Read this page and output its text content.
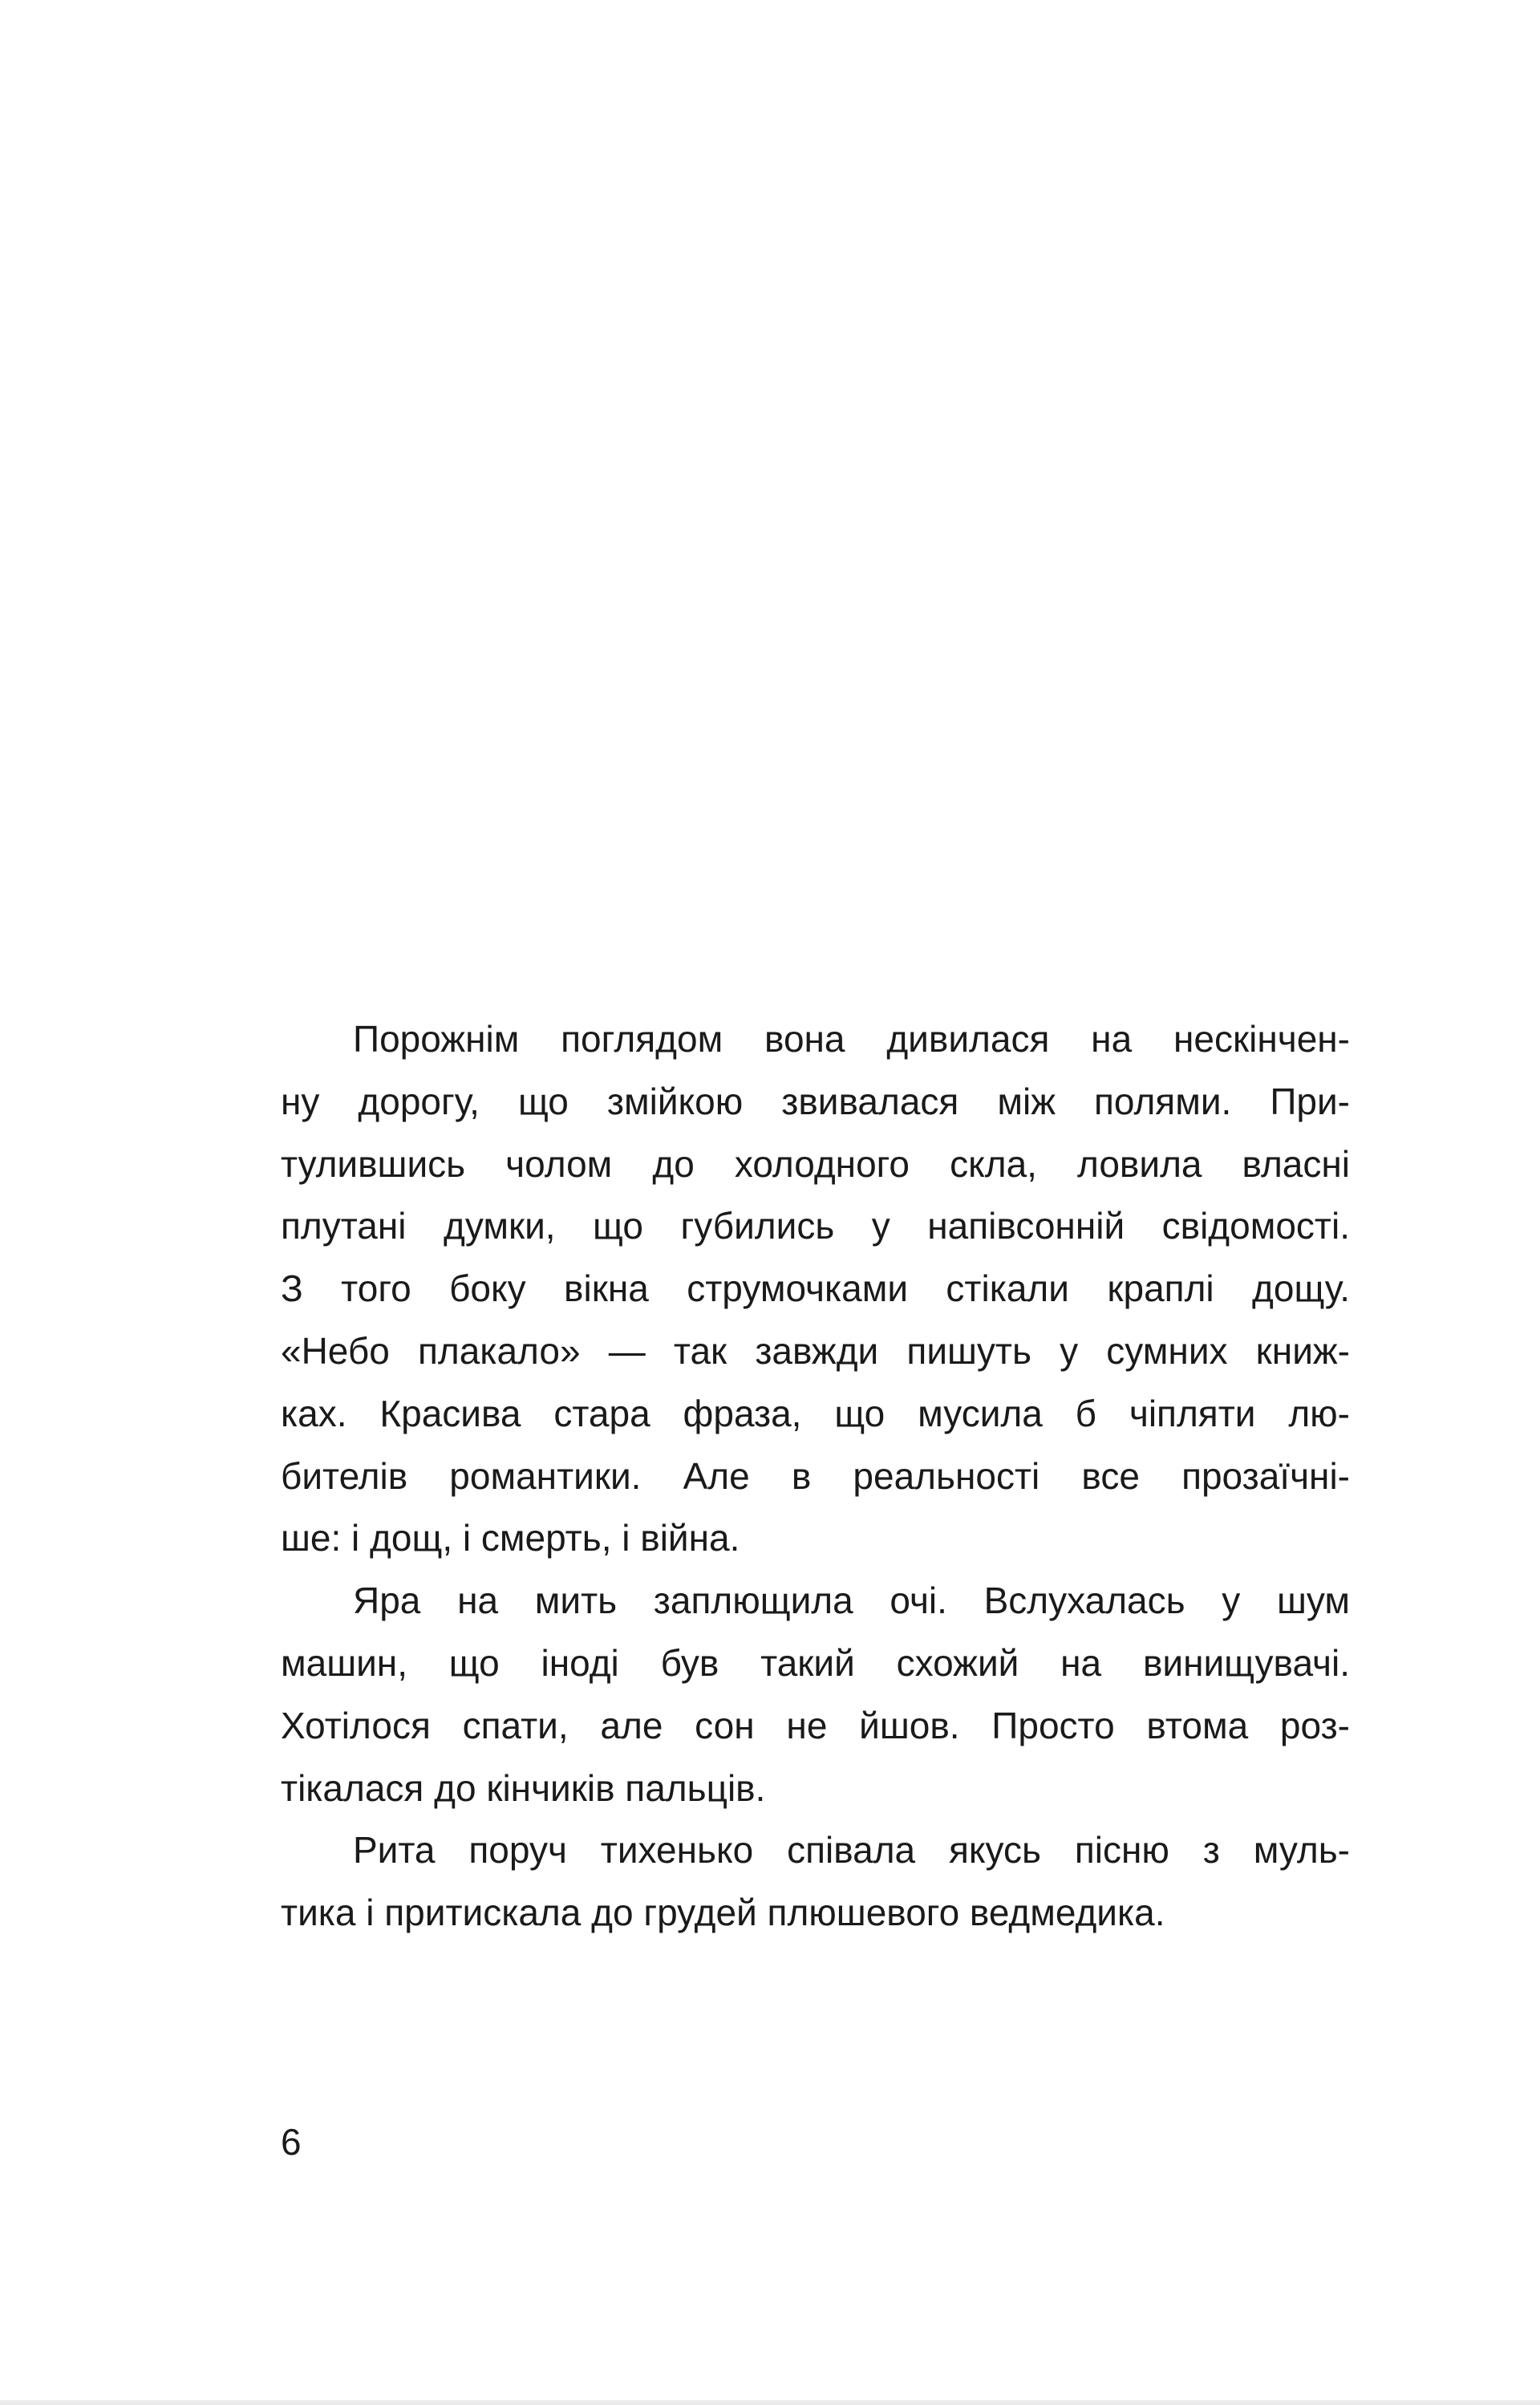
Порожнім поглядом вона дивилася на нескінчен-
ну дорогу, що змійкою звивалася між полями. При-
тулившись чолом до холодного скла, ловила власні
плутані думки, що губились у напівсонній свідомості.
З того боку вікна струмочками стікали краплі дощу.
«Небо плакало» — так завжди пишуть у сумних книж-
ках. Красива стара фраза, що мусила б чіпляти лю-
бителів романтики. Але в реальності все прозаїчні-
ше: і дощ, і смерть, і війна.
Яра на мить заплющила очі. Вслухалась у шум
машин, що іноді був такий схожий на винищувачі.
Хотілося спати, але сон не йшов. Просто втома роз-
тікалася до кінчиків пальців.
Рита поруч тихенько співала якусь пісню з муль-
тика і притискала до грудей плюшевого ведмедика.
6
